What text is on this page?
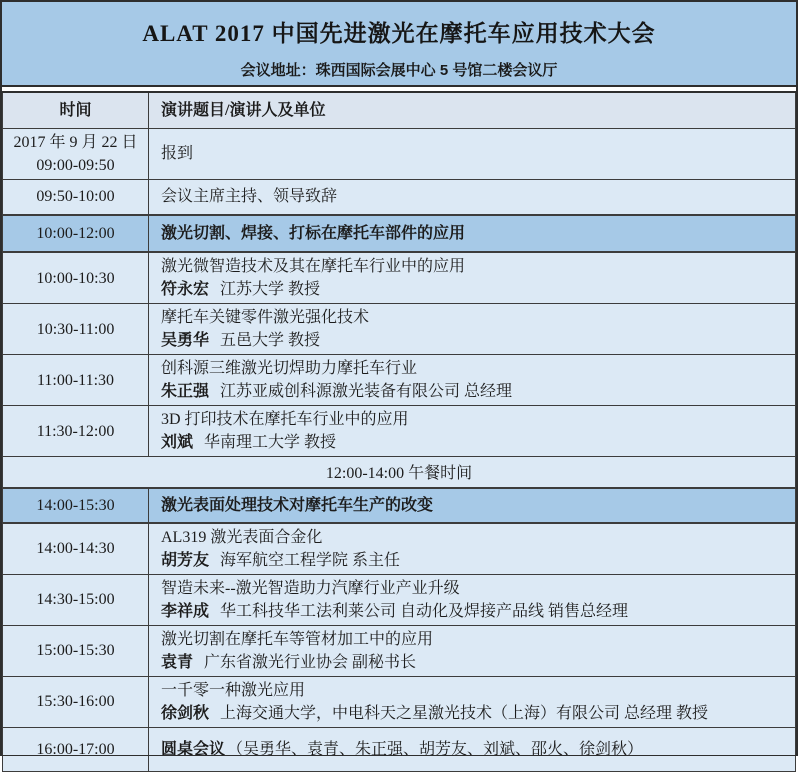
ALAT 2017 中国先进激光在摩托车应用技术大会
会议地址：珠西国际会展中心 5 号馆二楼会议厅
时间	演讲题目/演讲人及单位

2017 年 9 月 22 日
09:00-09:50	报到
09:50-10:00	会议主席主持、领导致辞
10:00-12:00	激光切割、焊接、打标在摩托车部件的应用
10:00-10:30	激光微智造技术及其在摩托车行业中的应用
符永宏 江苏大学 教授

10:30-11:00	摩托车关键零件激光强化技术
吴勇华 五邑大学 教授

11:00-11:30	创科源三维激光切焊助力摩托车行业
朱正强 江苏亚威创科源激光装备有限公司 总经理

11:30-12:00	3D 打印技术在摩托车行业中的应用
刘斌 华南理工大学 教授

12:00-14:00 午餐时间	
14:00-15:30	激光表面处理技术对摩托车生产的改变
14:00-14:30	AL319 激光表面合金化
胡芳友 海军航空工程学院 系主任

14:30-15:00	智造未来--激光智造助力汽摩行业产业升级
李祥成 华工科技华工法利莱公司 自动化及焊接产品线 销售总经理

15:00-15:30	激光切割在摩托车等管材加工中的应用
袁青 广东省激光行业协会 副秘书长

15:30-16:00	一千零一种激光应用
徐剑秋 上海交通大学，中电科天之星激光技术（上海）有限公司 总经理 教授

16:00-17:00	圆桌会议 （吴勇华、袁青、朱正强、胡芳友、刘斌、邵火、徐剑秋）
